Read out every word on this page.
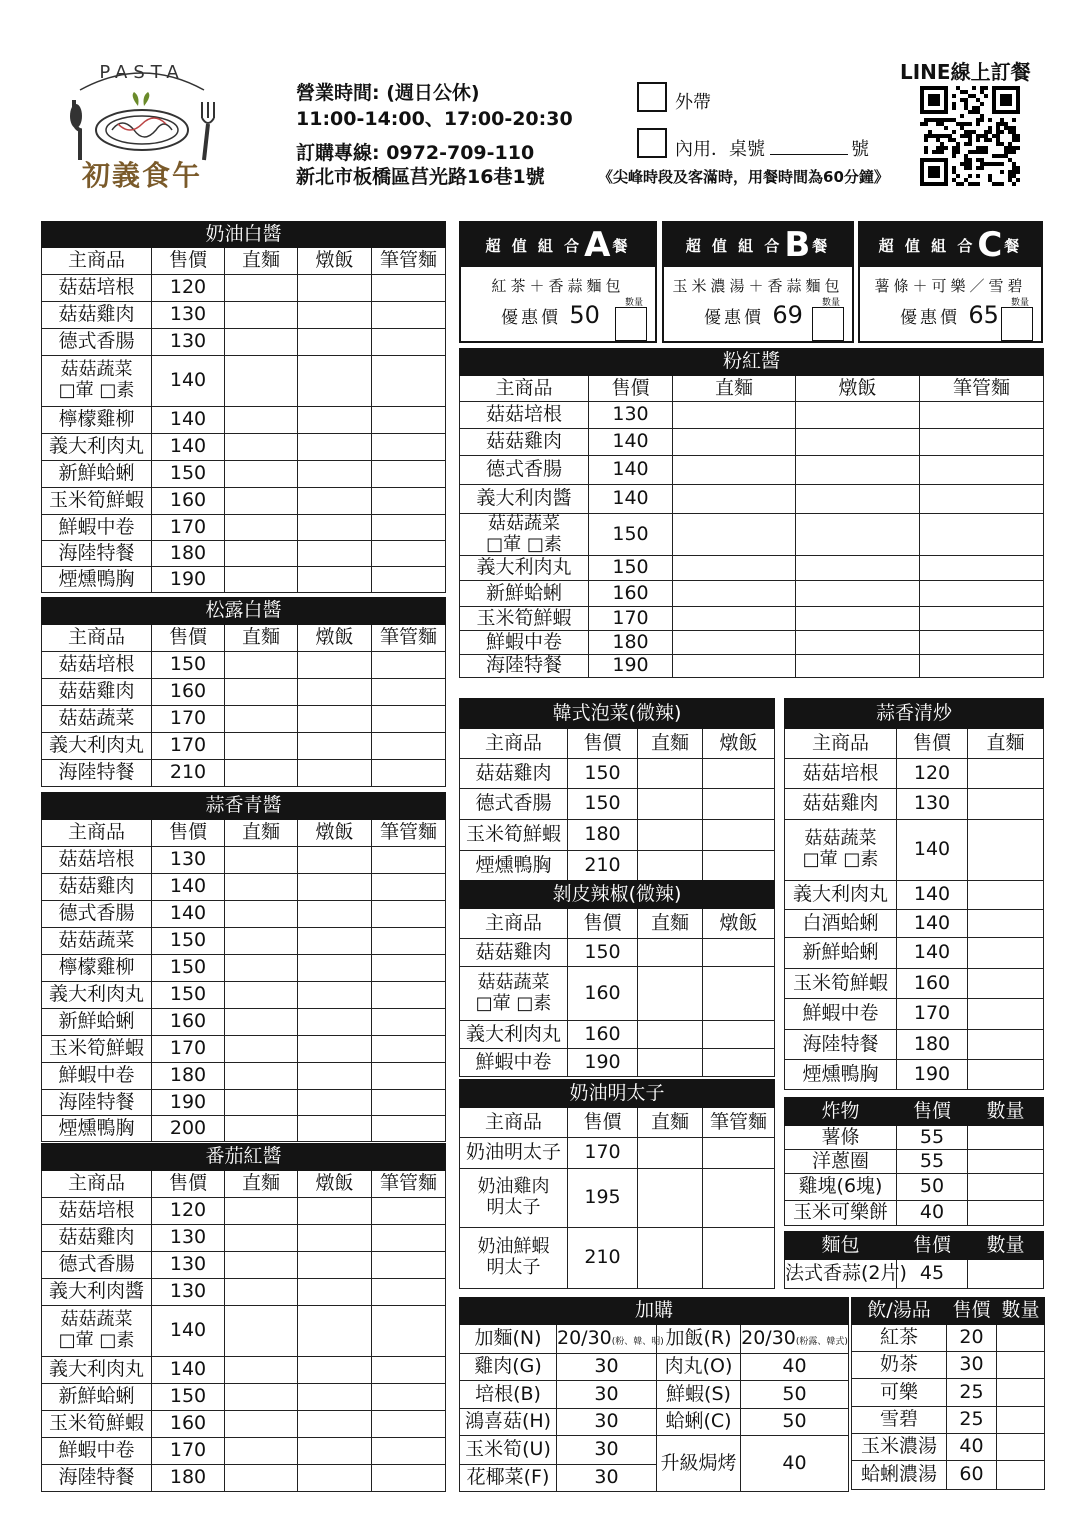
PASTA
初義食午
營業時間: (週日公休)
11:00-14:00、17:00-20:30
訂購專線: 0972-709-110
新北市板橋區莒光路16巷1號
外帶
內用．桌號	號
《尖峰時段及客滿時，用餐時間為60分鐘》
LINE線上訂餐
超 值 組 合 A 餐
紅茶＋香蒜麵包
優惠價 50	數量
超 值 組 合 B 餐
玉米濃湯＋香蒜麵包
優惠價 69 數量
超 值 組 合 C 餐
薯條＋可樂／雪碧
優惠價 65 數量
奶油白醬				
主商品	售價	直麵	燉飯	筆管麵
菇菇培根	120			
菇菇雞肉	130			
德式香腸	130			

菇菇蔬菜
□葷 □素	140			
檸檬雞柳	140			
義大利肉丸	140			
新鮮蛤蜊	150			
玉米筍鮮蝦	160			
鮮蝦中卷	170			
海陸特餐	180			
煙燻鴨胸	190			
松露白醬				
主商品	售價	直麵	燉飯	筆管麵
菇菇培根	150			
菇菇雞肉	160			
菇菇蔬菜	170			
義大利肉丸	170			
海陸特餐	210			
蒜香青醬				
主商品	售價	直麵	燉飯	筆管麵
菇菇培根	130			
菇菇雞肉	140			
德式香腸	140			
菇菇蔬菜	150			
檸檬雞柳	150			
義大利肉丸	150			
新鮮蛤蜊	160			
玉米筍鮮蝦	170			
鮮蝦中卷	180			
海陸特餐	190			
煙燻鴨胸	200			
番茄紅醬				
主商品	售價	直麵	燉飯	筆管麵
菇菇培根	120			
菇菇雞肉	130			
德式香腸	130			
義大利肉醬	130			

菇菇蔬菜
□葷 □素	140			
義大利肉丸	140			
新鮮蛤蜊	150			
玉米筍鮮蝦	160			
鮮蝦中卷	170			
海陸特餐	180			
粉紅醬				
主商品	售價	直麵	燉飯	筆管麵
菇菇培根	130			
菇菇雞肉	140			
德式香腸	140			
義大利肉醬	140			

菇菇蔬菜
□葷 □素	150			
義大利肉丸	150			
新鮮蛤蜊	160			
玉米筍鮮蝦	170			
鮮蝦中卷	180			
海陸特餐	190			
韓式泡菜(微辣)			
主商品	售價	直麵	燉飯
菇菇雞肉	150		
德式香腸	150		
玉米筍鮮蝦	180		
煙燻鴨胸	210		
剝皮辣椒(微辣)			
主商品	售價	直麵	燉飯
菇菇雞肉	150		

菇菇蔬菜
□葷 □素	160		
義大利肉丸	160		
鮮蝦中卷	190		
奶油明太子			
主商品	售價	直麵	筆管麵
奶油明太子	170		

奶油雞肉
明太子	195		

奶油鮮蝦
明太子	210		
蒜香清炒		
主商品	售價	直麵
菇菇培根	120	
菇菇雞肉	130	

菇菇蔬菜
□葷 □素	140	
義大利肉丸	140	
白酒蛤蜊	140	
新鮮蛤蜊	140	
玉米筍鮮蝦	160	
鮮蝦中卷	170	
海陸特餐	180	
煙燻鴨胸	190	
炸物	售價	數量
薯條	55	
洋蔥圈	55	
雞塊(6塊)	50	
玉米可樂餅	40	
麵包	售價	數量
法式香蒜(2片)	45	
飲/湯品	售價	數量
紅茶	20	
奶茶	30	
可樂	25	
雪碧	25	
玉米濃湯	40	
蛤蜊濃湯	60	
加購			
加麵(N)	20/30(粉、韓、明)	加飯(R)	20/30(粉露、韓式)
雞肉(G)	30	肉丸(O)	40
培根(B)	30	鮮蝦(S)	50
鴻喜菇(H)	30	蛤蜊(C)	50
玉米筍(U)	30	升級焗烤	40
花椰菜(F)	30		
